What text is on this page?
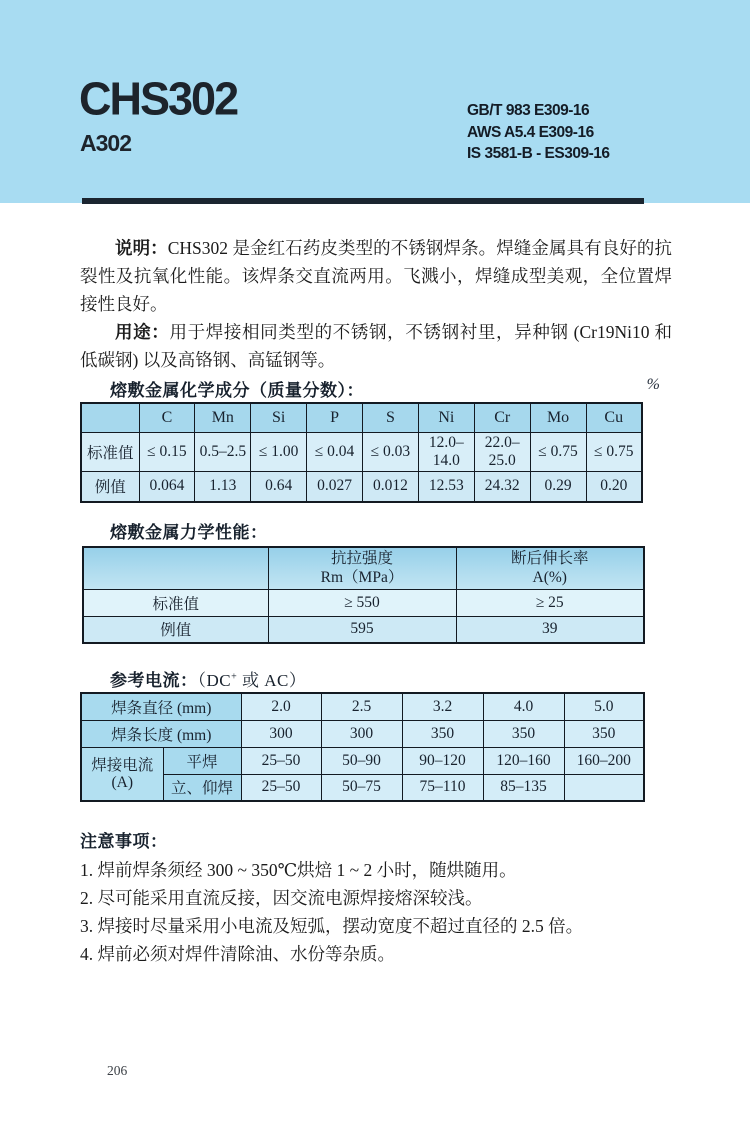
CHS302
A302
GB/T 983 E309-16
AWS A5.4 E309-16
IS 3581-B - ES309-16

说明：CHS302 是金红石药皮类型的不锈钢焊条。焊缝金属具有良好的抗裂性及抗氧化性能。该焊条交直流两用。飞溅小，焊缝成型美观，全位置焊接性良好。

用途：用于焊接相同类型的不锈钢，不锈钢衬里，异种钢 (Cr19Ni10 和低碳钢) 以及高铬钢、高锰钢等。

熔敷金属化学成分（质量分数）：	%
	C	Mn	Si	P	S	Ni	Cr	Mo	Cu
标准值	≤ 0.15	0.5–2.5	≤ 1.00	≤ 0.04	≤ 0.03	12.0–14.0	22.0–25.0	≤ 0.75	≤ 0.75
例值	0.064	1.13	0.64	0.027	0.012	12.53	24.32	0.29	0.20
熔敷金属力学性能：

抗拉强度
Rm（MPa）

断后伸长率
A(%)

标准值	≥ 550	≥ 25
例值	595	39
参考电流：（DC+ 或 AC）
焊条直径 (mm)		2.0	2.5	3.2	4.0	5.0
焊条长度 (mm)		300	300	350	350	350

焊接电流
(A)	平焊	25–50	50–90	90–120	120–160	160–200
	立、仰焊	25–50	50–75	75–110	85–135	
注意事项：
1. 焊前焊条须经 300 ~ 350℃烘焙 1 ~ 2 小时，随烘随用。
2. 尽可能采用直流反接，因交流电源焊接熔深较浅。
3. 焊接时尽量采用小电流及短弧，摆动宽度不超过直径的 2.5 倍。
4. 焊前必须对焊件清除油、水份等杂质。
206
